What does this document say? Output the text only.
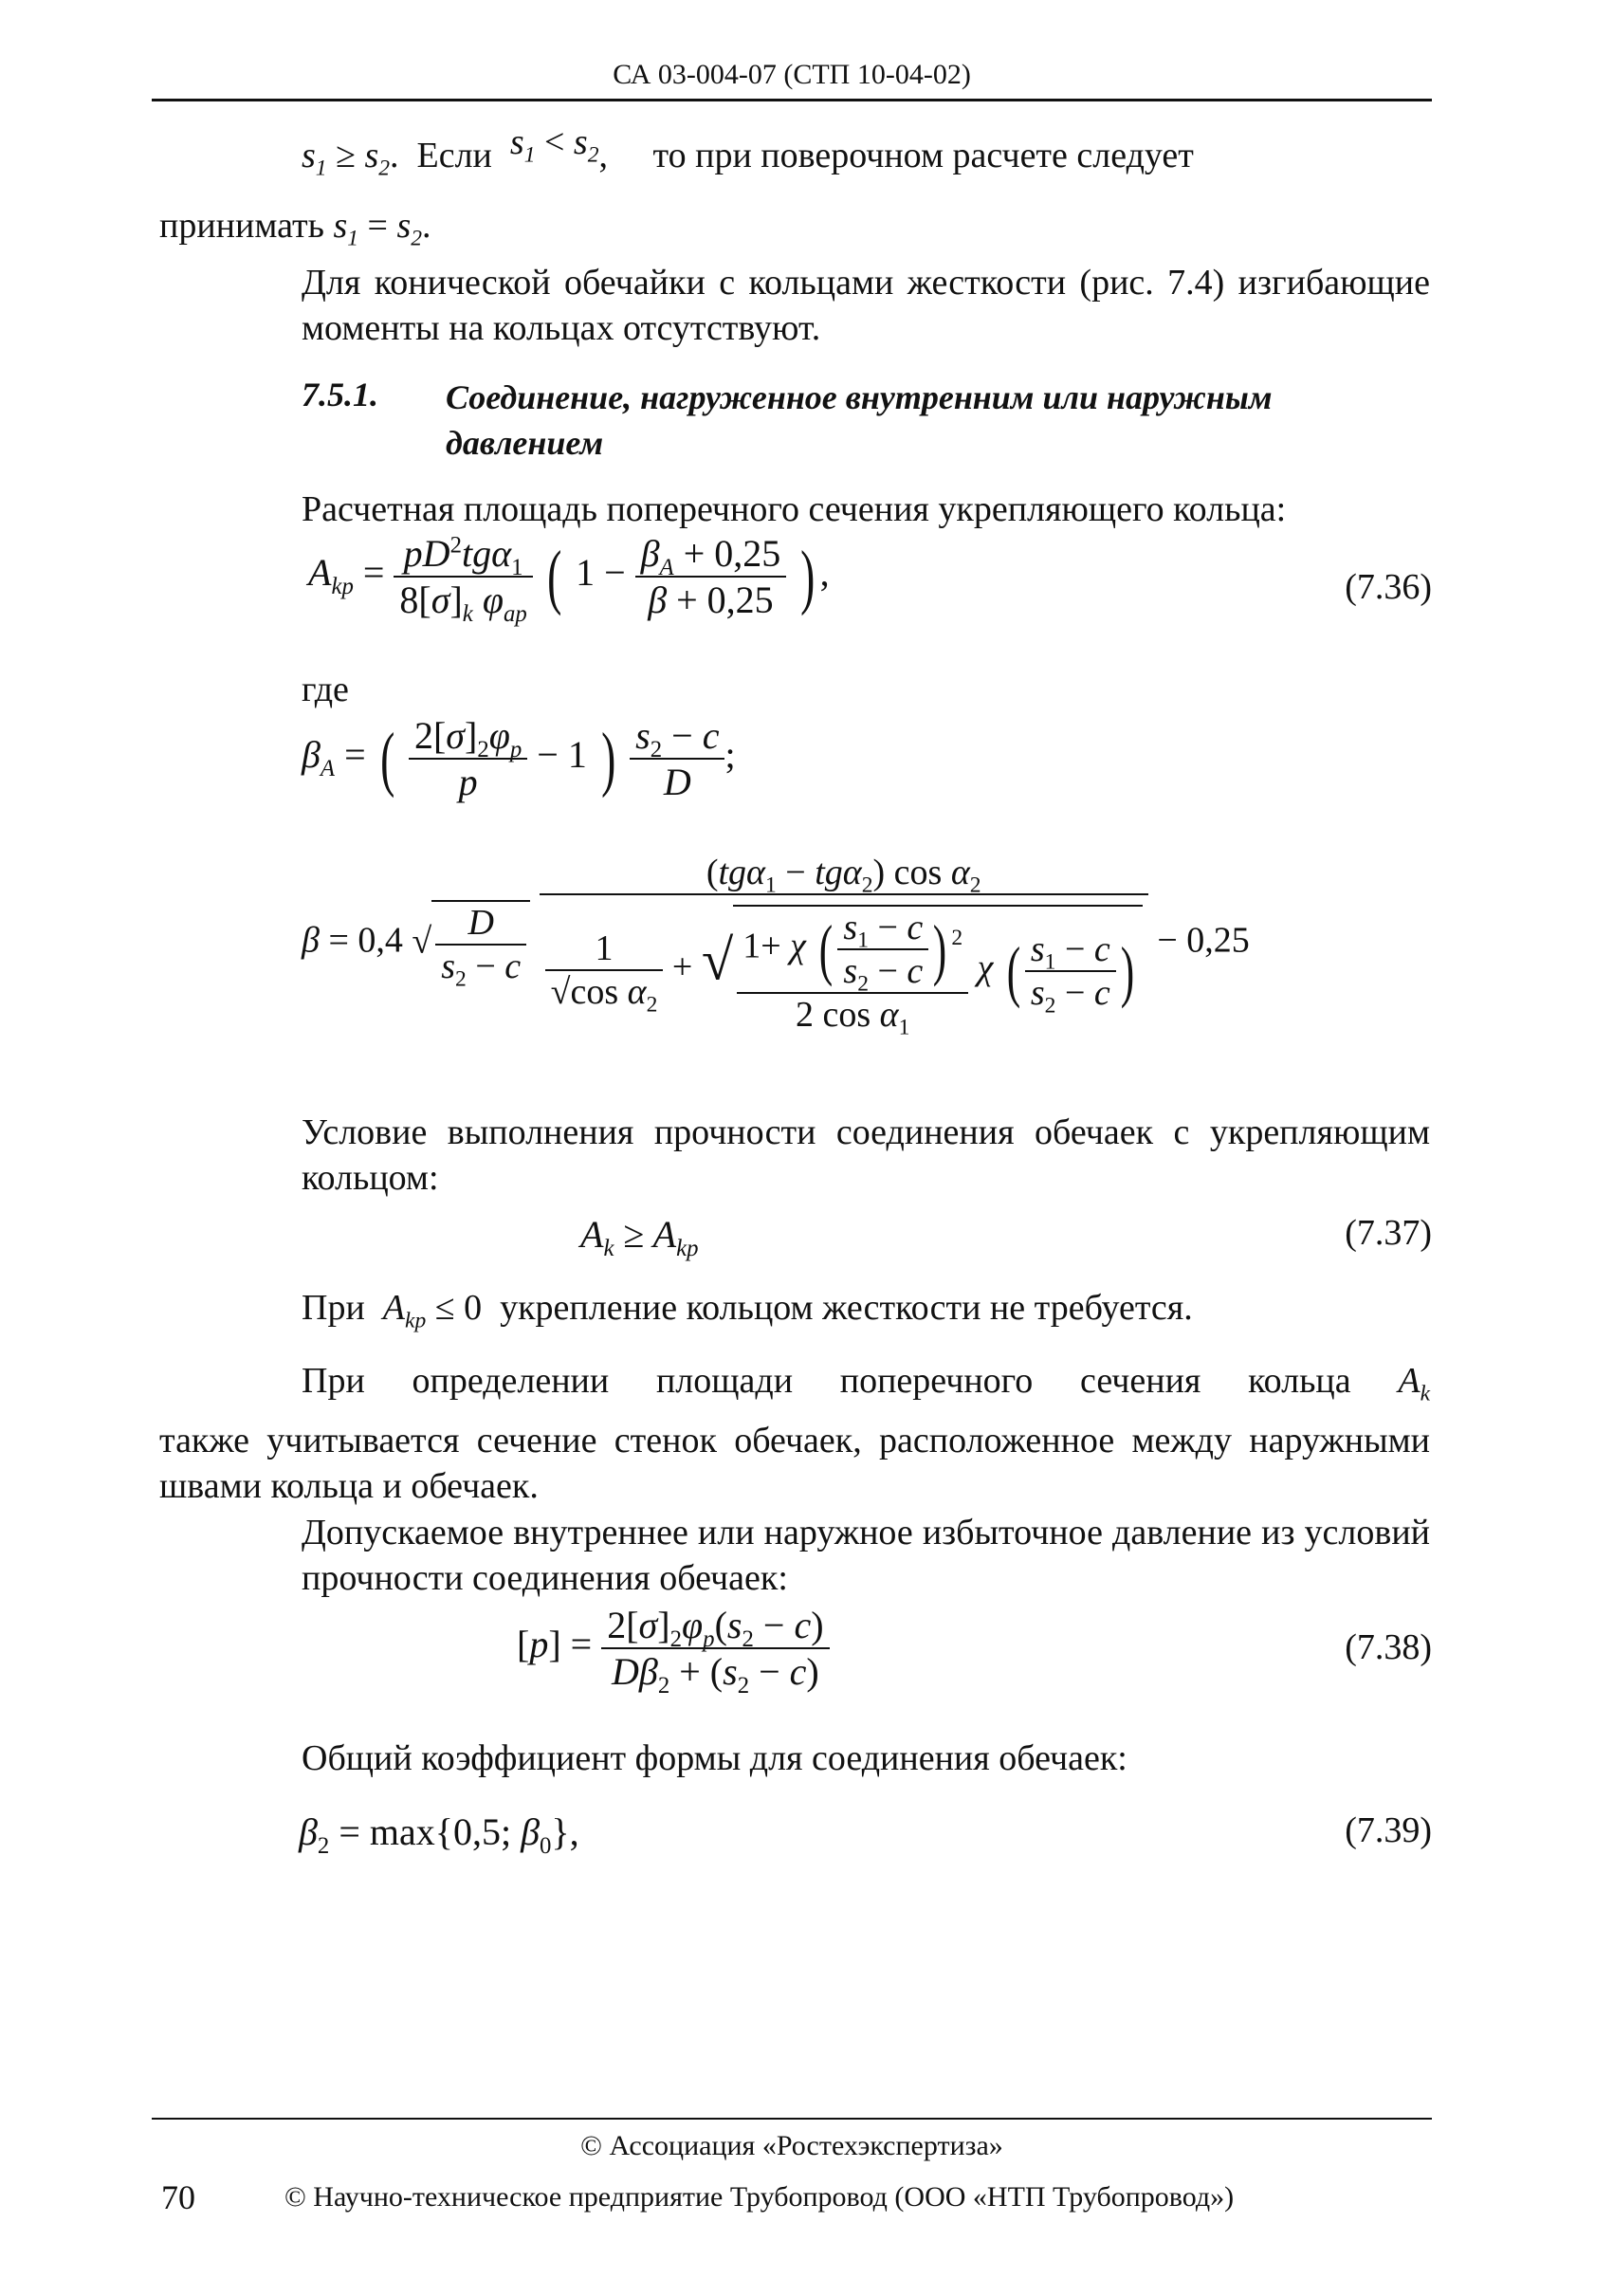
СА 03-004-07 (СТП 10-04-02)
$s_1 \ge s_2$. Если $s_1 < s_2$, то при поверочном расчете следует
принимать $s_1 = s_2$.
Для конической обечайки с кольцами жесткости (рис. 7.4) изгибающие моменты на кольцах отсутствуют.
7.5.1. Соединение, нагруженное внутренним или наружным давлением
Расчетная площадь поперечного сечения укрепляющего кольца:
$A_{kp} = \frac{pD^2tg\alpha_1}{8[\sigma]_k \varphi_{ap}}$ ( $1 - \frac{\beta_A + 0,25}{\beta + 0,25}$ ) ,	(7.36)
где
$\beta_A$ = ( $\frac{2[\sigma]_2\varphi_p}{p} - 1$ ) $\frac{s_2 - c}{D}$ ;
β = 0,4 √ $\frac{D}{s_2 - c}$

(tgα$_1$ − tgα$_2$) $\cos \alpha_2$
$\frac{1}{√\cos \alpha_2}$ + √ $\frac{1+ \chi ( \frac{s_1 - c}{s_2 - c} ) ^2}{2 \cos \alpha_1}$ χ ( $\frac{s_1 - c}{s_2 - c}$ ) − 0,25
Условие выполнения прочности соединения обечаек с укрепляющим кольцом:
$A_k \ge A_{kp}$	(7.37)
При $A_{kp} \le 0$ укрепление кольцом жесткости не требуется.
При определении площади поперечного сечения кольца $A_k$
также учитывается сечение стенок обечаек, расположенное между наружными швами кольца и обечаек.
Допускаемое внутреннее или наружное избыточное давление из условий прочности соединения обечаек:
$[p] = \frac{2[\sigma]_2\varphi_p(s_2 - c)}{D\beta_2 + (s_2 - c)}$	(7.38)
Общий коэффициент формы для соединения обечаек:
$\beta_2 = \max\{0,5$; $\beta_0$},	(7.39)
© Ассоциация «Ростехэкспертиза»
70	© Научно-техническое предприятие Трубопровод (ООО «НТП Трубопровод»)
